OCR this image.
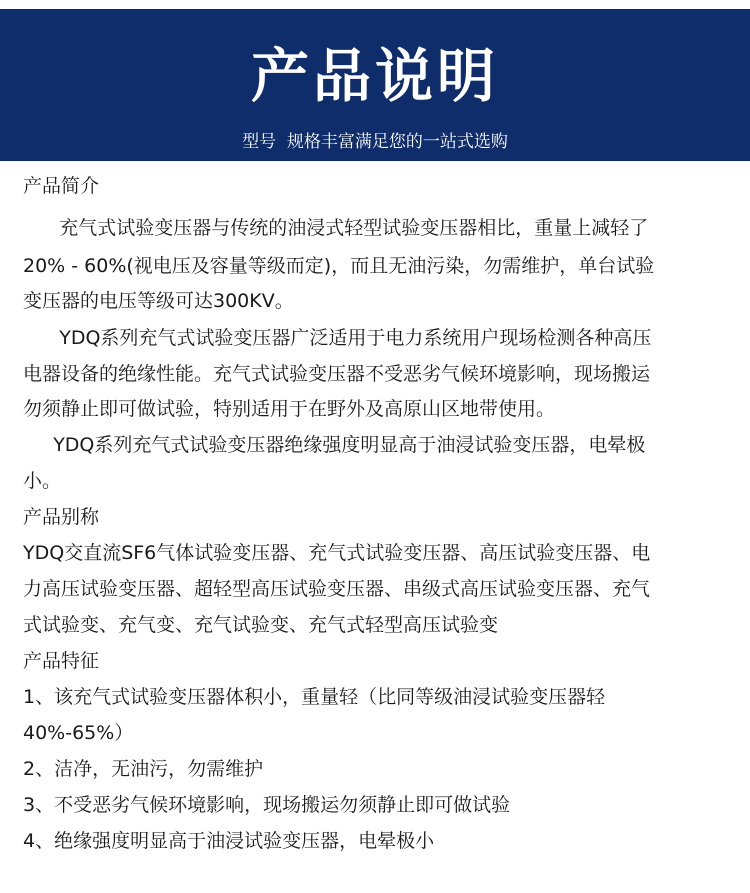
产品说明
型号  规格丰富满足您的一站式选购
产品简介
充气式试验变压器与传统的油浸式轻型试验变压器相比，重量上减轻了
20% - 60%(视电压及容量等级而定)，而且无油污染，勿需维护，单台试验
变压器的电压等级可达300KV。
YDQ系列充气式试验变压器广泛适用于电力系统用户现场检测各种高压
电器设备的绝缘性能。充气式试验变压器不受恶劣气候环境影响，现场搬运
勿须静止即可做试验，特别适用于在野外及高原山区地带使用。
YDQ系列充气式试验变压器绝缘强度明显高于油浸试验变压器，电晕极
小。
产品别称
YDQ交直流SF6气体试验变压器、充气式试验变压器、高压试验变压器、电
力高压试验变压器、超轻型高压试验变压器、串级式高压试验变压器、充气
式试验变、充气变、充气试验变、充气式轻型高压试验变
产品特征
1、该充气式试验变压器体积小，重量轻（比同等级油浸试验变压器轻
40%-65%）
2、洁净，无油污，勿需维护
3、不受恶劣气候环境影响，现场搬运勿须静止即可做试验
4、绝缘强度明显高于油浸试验变压器，电晕极小
